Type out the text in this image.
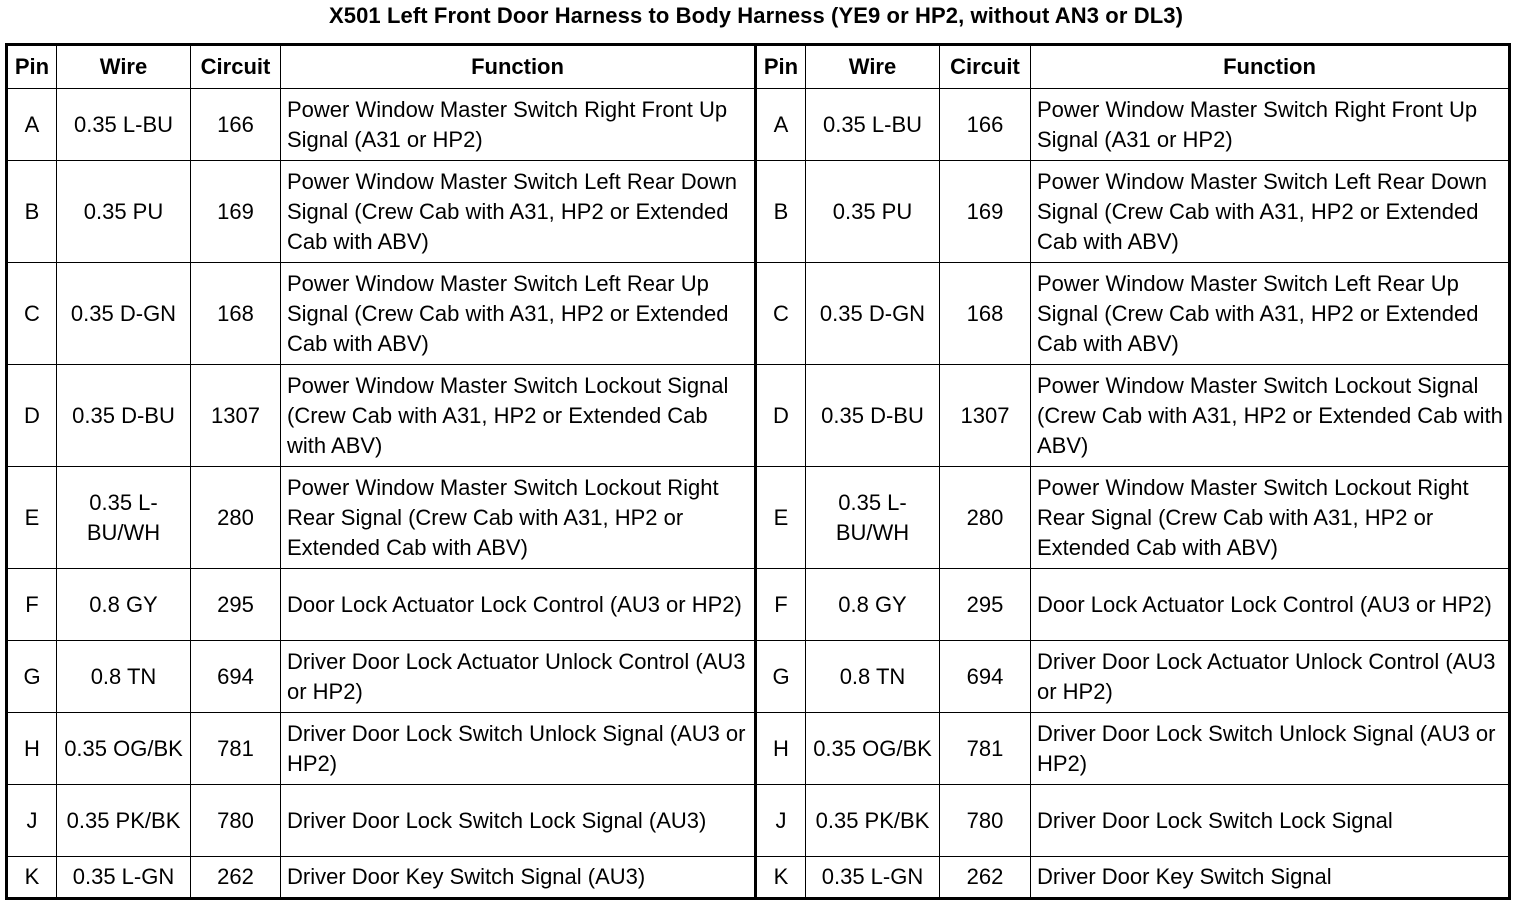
X501 Left Front Door Harness to Body Harness (YE9 or HP2, without AN3 or DL3)
Pin	Wire	Circuit	Function	Pin	Wire	Circuit	Function
A	0.35 L-BU	166	Power Window Master Switch Right Front Up Signal (A31 or HP2)	A	0.35 L-BU	166	Power Window Master Switch Right Front Up Signal (A31 or HP2)
B	0.35 PU	169	Power Window Master Switch Left Rear Down Signal (Crew Cab with A31, HP2 or Extended Cab with ABV)	B	0.35 PU	169	Power Window Master Switch Left Rear Down Signal (Crew Cab with A31, HP2 or Extended Cab with ABV)
C	0.35 D-GN	168	Power Window Master Switch Left Rear Up Signal (Crew Cab with A31, HP2 or Extended Cab with ABV)	C	0.35 D-GN	168	Power Window Master Switch Left Rear Up Signal (Crew Cab with A31, HP2 or Extended Cab with ABV)
D	0.35 D-BU	1307	Power Window Master Switch Lockout Signal (Crew Cab with A31, HP2 or Extended Cab with ABV)	D	0.35 D-BU	1307	Power Window Master Switch Lockout Signal (Crew Cab with A31, HP2 or Extended Cab with ABV)
E	0.35 L-BU/WH	280	Power Window Master Switch Lockout Right Rear Signal (Crew Cab with A31, HP2 or Extended Cab with ABV)	E	0.35 L-BU/WH	280	Power Window Master Switch Lockout Right Rear Signal (Crew Cab with A31, HP2 or Extended Cab with ABV)
F	0.8 GY	295	Door Lock Actuator Lock Control (AU3 or HP2)	F	0.8 GY	295	Door Lock Actuator Lock Control (AU3 or HP2)
G	0.8 TN	694	Driver Door Lock Actuator Unlock Control (AU3 or HP2)	G	0.8 TN	694	Driver Door Lock Actuator Unlock Control (AU3 or HP2)
H	0.35 OG/BK	781	Driver Door Lock Switch Unlock Signal (AU3 or HP2)	H	0.35 OG/BK	781	Driver Door Lock Switch Unlock Signal (AU3 or HP2)
J	0.35 PK/BK	780	Driver Door Lock Switch Lock Signal (AU3)	J	0.35 PK/BK	780	Driver Door Lock Switch Lock Signal
K	0.35 L-GN	262	Driver Door Key Switch Signal (AU3)	K	0.35 L-GN	262	Driver Door Key Switch Signal
